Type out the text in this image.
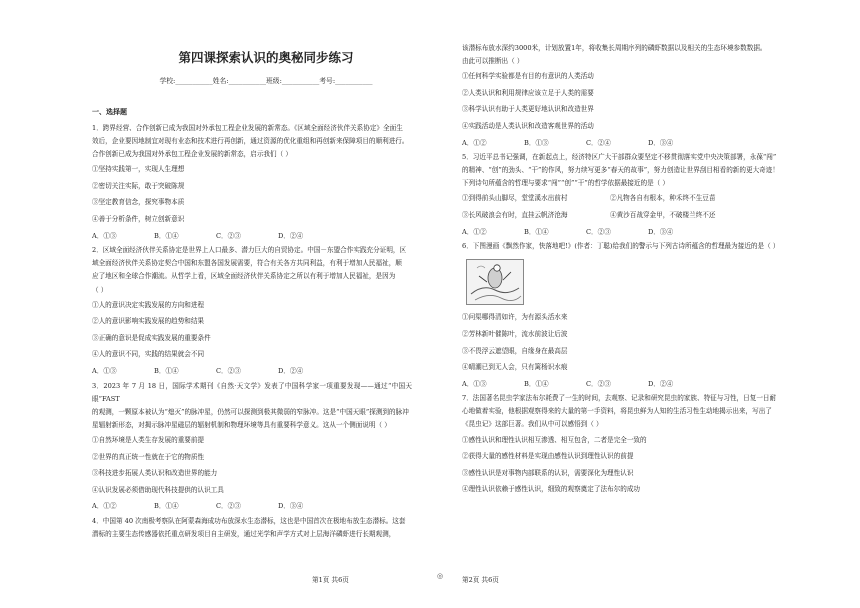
第四课探索认识的奥秘同步练习
学校:___________姓名:___________班级:___________考号:___________
一、选择题

1．跨界经营、合作创新已成为我国对外承包工程企业发展的新常态。《区域全面经济伙伴关系协定》全面生

效后，企业要因地制宜对现有业态和技术进行再创新，通过资源的优化重组和再创新来保障项目的顺利进行。

合作创新已成为我国对外承包工程企业发展的新常态，启示我们（ ）

①坚持实践第一，实现人生理想
②密切关注实际，敢于突破陈规
③坚定教育信念，探究事物本质
④善于分析条件，树立创新意识
A．①③	B．①④	C．②③	D．②④

2．区域全面经济伙伴关系协定是世界上人口最多、潜力巨大的自贸协定。中国－东盟合作实践充分证明，区

域全面经济伙伴关系协定契合中国和东盟各国发展需要，符合有关各方共同利益，有利于增加人民福祉，顺

应了地区和全球合作潮流。从哲学上看，区域全面经济伙伴关系协定之所以有利于增加人民福祉，是因为

（ ）

①人的意识决定实践发展的方向和进程
②人的意识影响实践发展的趋势和结果
③正确的意识是促成实践发展的重要条件
④人的意识不同，实践的结果就会不同
A．①③	B．①④	C．②③	D．②④

3．2023 年 7 月 18 日，国际学术期刊《自然·天文学》发表了中国科学家一项重要发现——通过“中国天眼”FAST

的观测，一颗原本被认为“熄灭”的脉冲星，仍然可以探测到极其微弱的窄脉冲。这是“中国天眼”探测到的脉冲

星辐射新形态，对揭示脉冲星磁层的辐射机制和物理环境等具有重要科学意义。这从一个侧面说明（ ）

①自然环境是人类生存发展的重要前提
②世界的真正统一性就在于它的物质性
③科技进步拓展人类认识和改造世界的能力
④认识发展必须借助现代科技提供的认识工具
A．①②	B．①④	C．②③	D．③④

4．中国第 40 次南极考察队在阿蒙森海成功布放深水生态潜标，这也是中国首次在极地布放生态潜标。这套

潜标的主要生态传感器依托重点研发项目自主研发，通过光学和声学方式对上层海洋磷虾进行长期观测，

第1页 共6页	◎

该潜标布放水深约3000米，计划放置1年，将收集长周期序列的磷虾数据以及相关的生态环境参数数据。

由此可以推断出（ ）

①任何科学实验都是有目的有意识的人类活动
②人类认识和利用规律应该立足于人类的需要
③科学认识有助于人类更好地认识和改造世界
④实践活动是人类认识和改造客观世界的活动
A．①②	B．①③	C．②④	D．③④

5．习近平总书记强调，在新起点上，经济特区广大干部群众要坚定不移贯彻落实党中央决策部署，永葆“闯”

的精神、“创”的劲头、“干”的作风，努力续写更多“春天的故事”，努力创造让世界刮目相看的新的更大奇迹！

下列诗句所蕴含的哲理与要求“闯”“创”“干”的哲学依据最接近的是（ ）

①到得前头山脚尽，堂堂溪水出前村	②凡物各自有根本，种禾终不生豆苗
③长风破浪会有时，直挂云帆济沧海	④黄沙百战穿金甲，不破楼兰终不还
A．①②	B．①④	C．②③	D．③④

6．下图漫画《飘然作家，快落地吧!》(作者：丁聪)给我们的警示与下列古诗所蕴含的哲理最为接近的是（ ）

①问渠哪得清如许，为有源头活水来
②芳林新叶催陈叶，流水前波让后波
③不畏浮云遮望眼，自缘身在最高层
④晴潮已到无人会，只有篱杨识水痕
A．①③	B．①④	C．②③	D．②④

7．法国著名昆虫学家法布尔耗费了一生的时间，去观察、记录和研究昆虫的家族、特征与习性，日复一日耐

心地做着实验，他根据观察得来的大量的第一手资料，将昆虫鲜为人知的生活习性生动地揭示出来，写出了

《昆虫记》这部巨著。我们从中可以感悟到（ ）

①感性认识和理性认识相互渗透、相互包含，二者是完全一致的
②获得大量的感性材料是实现由感性认识到理性认识的前提
③感性认识是对事物内部联系的认识，需要深化为理性认识
④理性认识依赖于感性认识，细致的观察奠定了法布尔的成功
第2页 共6页
